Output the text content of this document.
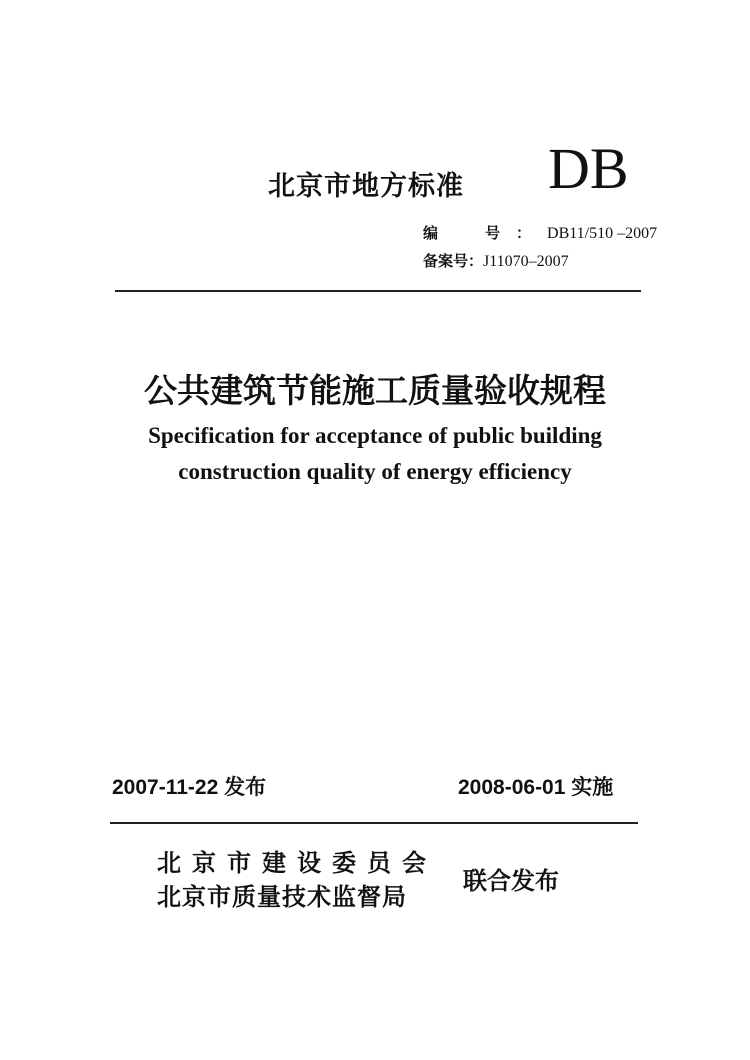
北京市地方标准 DB
编　号：DB11/510 –2007
备案号：J11070–2007
公共建筑节能施工质量验收规程
Specification for acceptance of public building
construction quality of energy efficiency
2007-11-22 发布	2008-06-01 实施
北京市建设委员会
北京市质量技术监督局
联合发布
